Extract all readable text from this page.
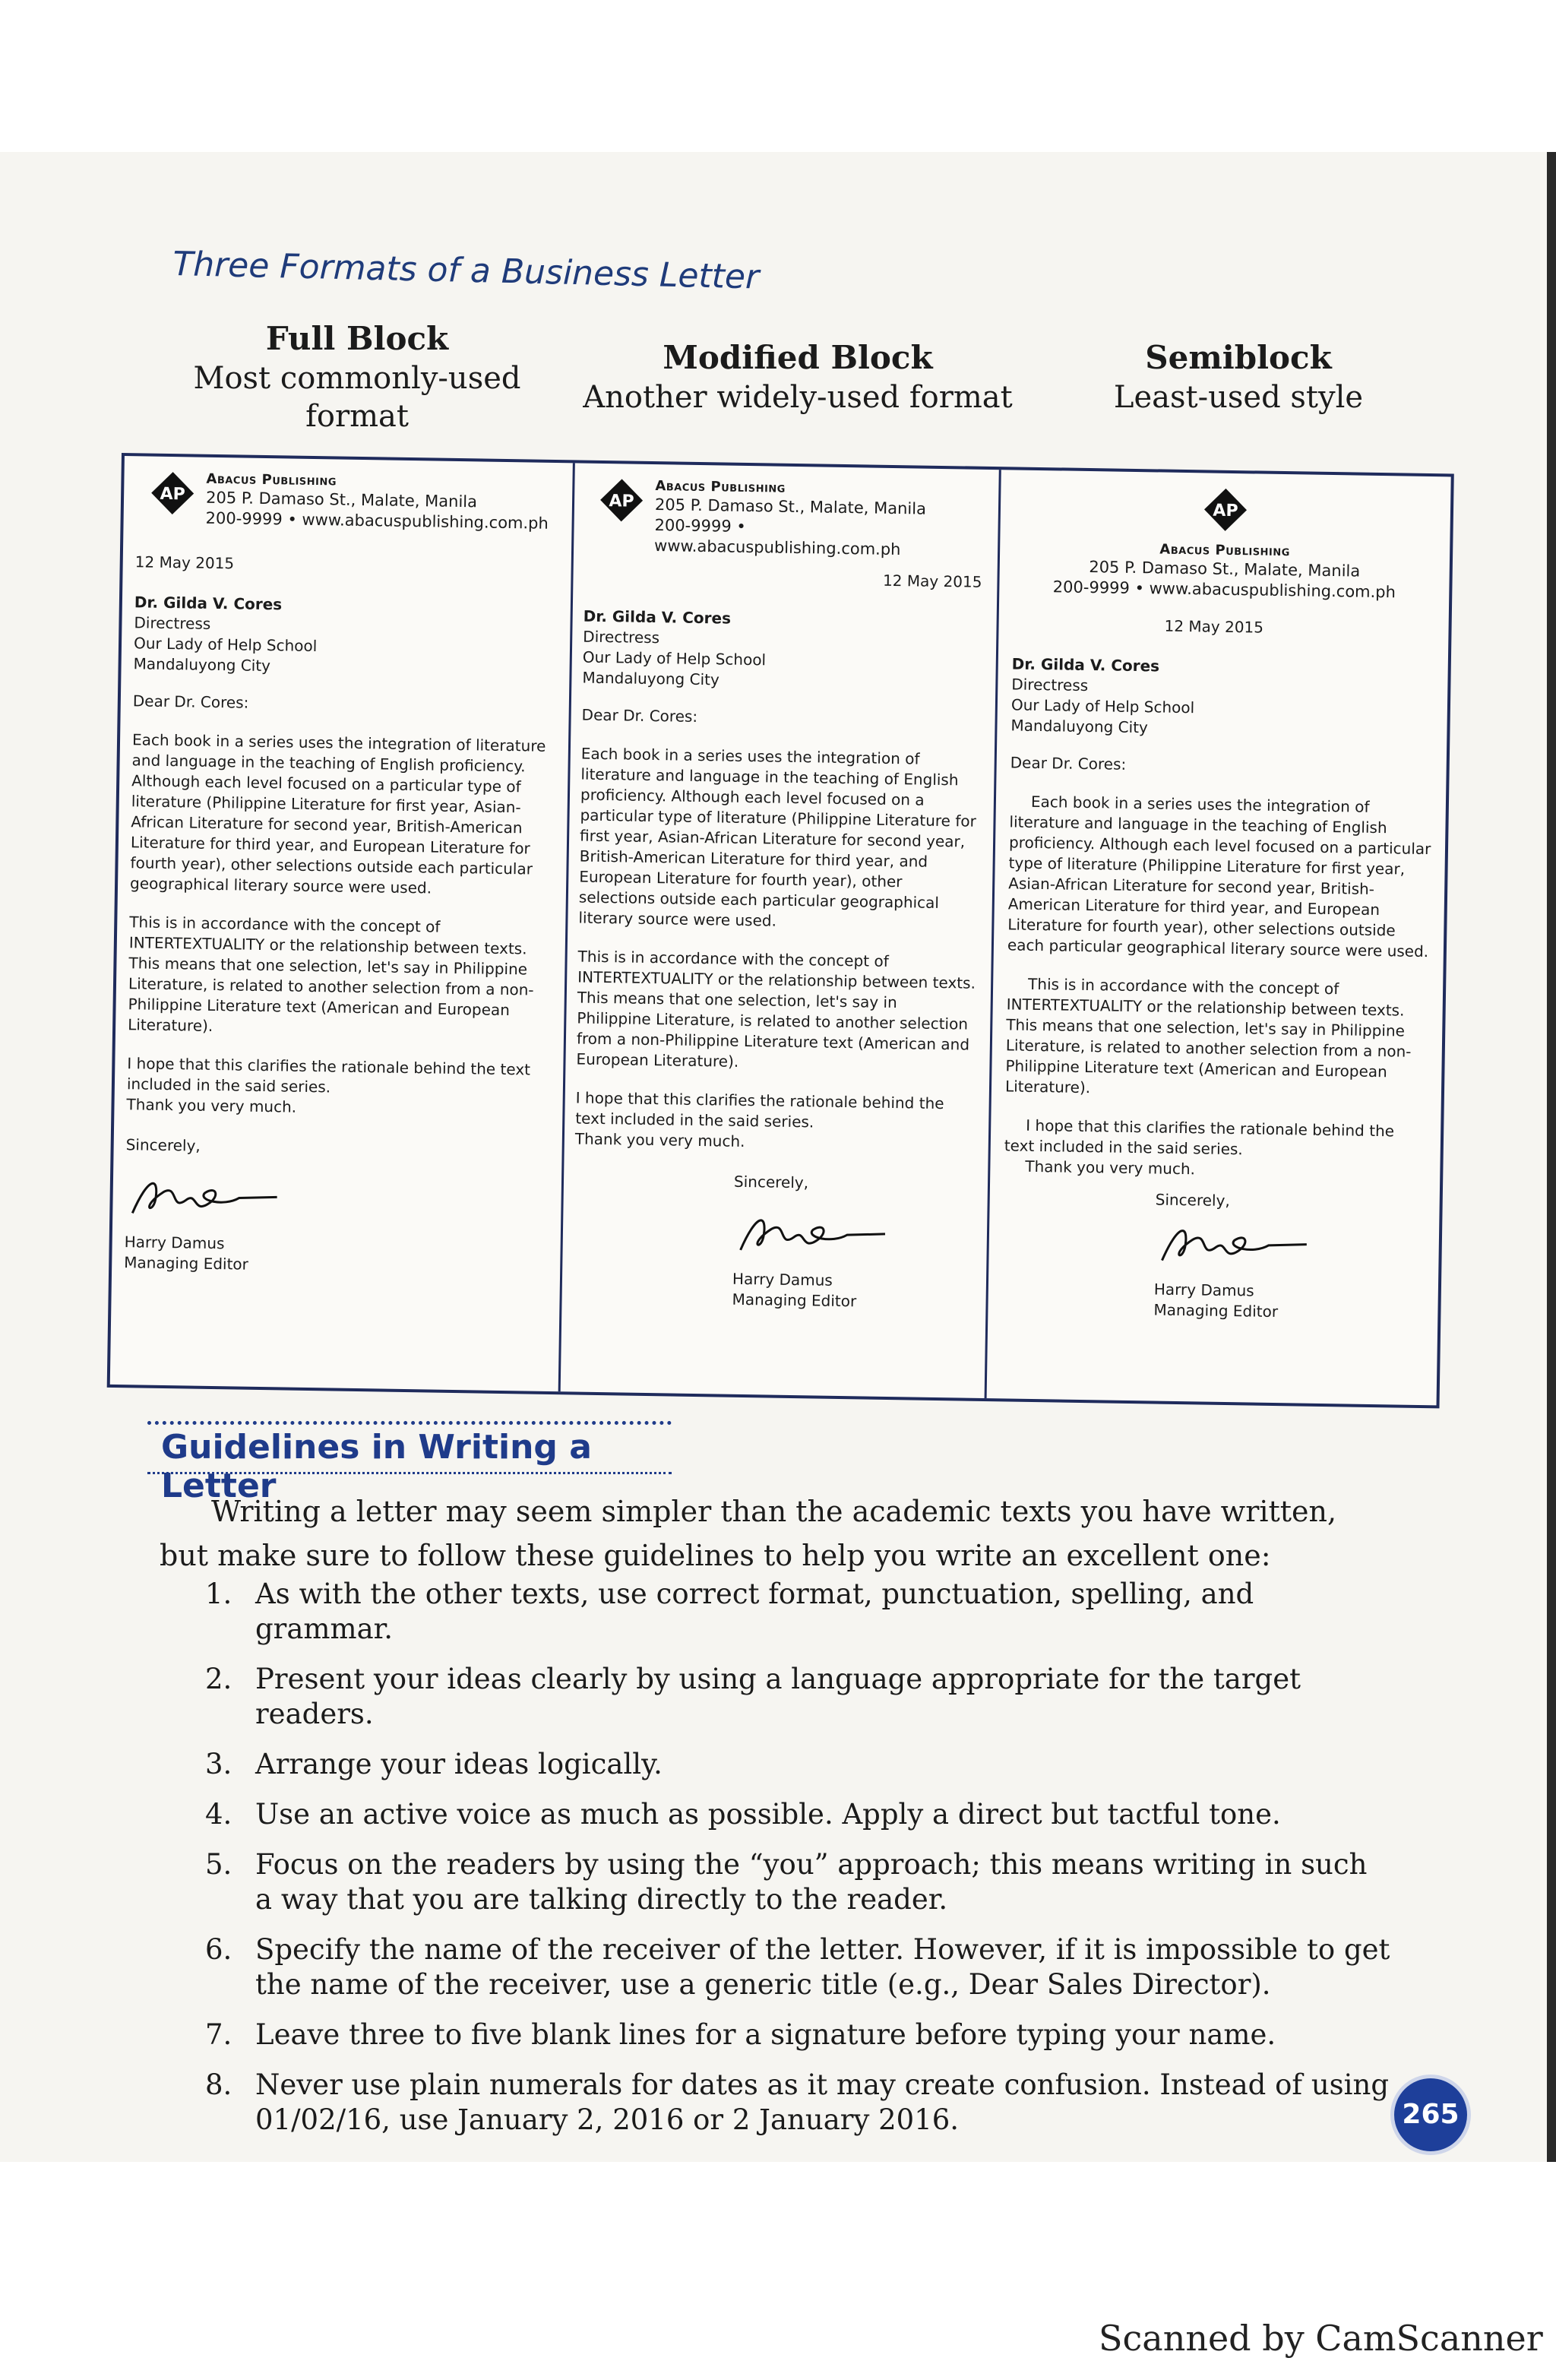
Three Formats of a Business Letter
Full Block
Most commonly-used format
Modified Block
Another widely-used format
Semiblock
Least-used style
AP
Abacus Publishing
205 P. Damaso St., Malate, Manila
200-9999 • www.abacuspublishing.com.ph
12 May 2015
Dr. Gilda V. Cores
Directress
Our Lady of Help School
Mandaluyong City
Dear Dr. Cores:
Each book in a series uses the integration of literature and language in the teaching of English proficiency. Although each level focused on a particular type of literature (Philippine Literature for first year, Asian-African Literature for second year, British-American Literature for third year, and European Literature for fourth year), other selections outside each particular geographical literary source were used.
This is in accordance with the concept of INTERTEXTUALITY or the relationship between texts. This means that one selection, let's say in Philippine Literature, is related to another selection from a non-Philippine Literature text (American and European Literature).
I hope that this clarifies the rationale behind the text included in the said series.
Thank you very much.
Sincerely,
Harry Damus
Managing Editor
AP
Abacus Publishing
205 P. Damaso St., Malate, Manila
200-9999 • www.abacuspublishing.com.ph
12 May 2015
Dr. Gilda V. Cores
Directress
Our Lady of Help School
Mandaluyong City
Dear Dr. Cores:
Each book in a series uses the integration of literature and language in the teaching of English proficiency. Although each level focused on a particular type of literature (Philippine Literature for first year, Asian-African Literature for second year, British-American Literature for third year, and European Literature for fourth year), other selections outside each particular geographical literary source were used.
This is in accordance with the concept of INTERTEXTUALITY or the relationship between texts. This means that one selection, let's say in Philippine Literature, is related to another selection from a non-Philippine Literature text (American and European Literature).
I hope that this clarifies the rationale behind the text included in the said series.
Thank you very much.
Sincerely,
Harry Damus
Managing Editor
AP
Abacus Publishing
205 P. Damaso St., Malate, Manila
200-9999 • www.abacuspublishing.com.ph
12 May 2015
Dr. Gilda V. Cores
Directress
Our Lady of Help School
Mandaluyong City
Dear Dr. Cores:
Each book in a series uses the integration of literature and language in the teaching of English proficiency. Although each level focused on a particular type of literature (Philippine Literature for first year, Asian-African Literature for second year, British-American Literature for third year, and European Literature for fourth year), other selections outside each particular geographical literary source were used.
This is in accordance with the concept of INTERTEXTUALITY or the relationship between texts. This means that one selection, let's say in Philippine Literature, is related to another selection from a non-Philippine Literature text (American and European Literature).
I hope that this clarifies the rationale behind the text included in the said series.
Thank you very much.
Sincerely,
Harry Damus
Managing Editor
Guidelines in Writing a Letter
Writing a letter may seem simpler than the academic texts you have written, but make sure to follow these guidelines to help you write an excellent one:
1. As with the other texts, use correct format, punctuation, spelling, and grammar.
2. Present your ideas clearly by using a language appropriate for the target readers.
3. Arrange your ideas logically.
4. Use an active voice as much as possible. Apply a direct but tactful tone.
5. Focus on the readers by using the “you” approach; this means writing in such a way that you are talking directly to the reader.
6. Specify the name of the receiver of the letter. However, if it is impossible to get the name of the receiver, use a generic title (e.g., Dear Sales Director).
7. Leave three to five blank lines for a signature before typing your name.
8. Never use plain numerals for dates as it may create confusion. Instead of using 01/02/16, use January 2, 2016 or 2 January 2016.	265
Scanned by CamScanner
